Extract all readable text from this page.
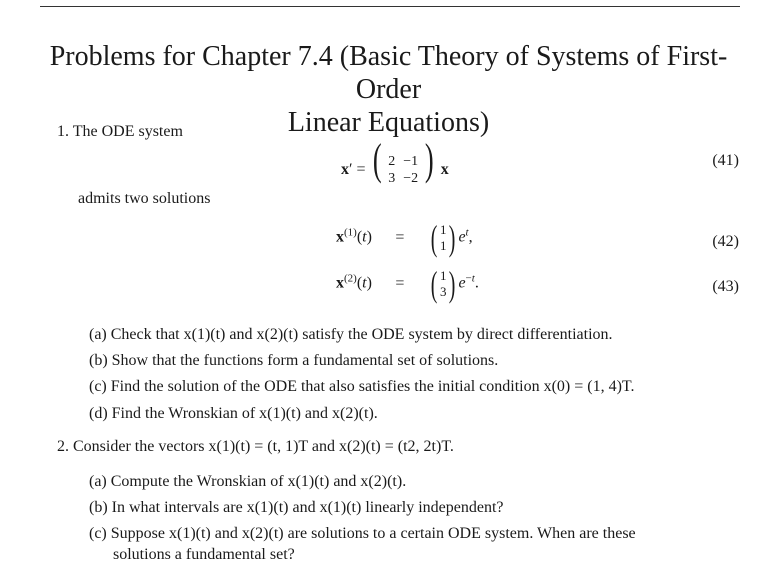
Problems for Chapter 7.4 (Basic Theory of Systems of First-Order
Linear Equations)
1. The ODE system
x′ = ( 2	−1
3	−2 ) x
(41)
admits two solutions
$x^{(1)}(t)$ = ( 1
1 ) $e^t$,	(42)
$x^{(2)}(t)$ = ( 1
3 ) $e^{-t}$.	(43)
(a) Check that x(1)(t) and x(2)(t) satisfy the ODE system by direct differentiation.
(b) Show that the functions form a fundamental set of solutions.
(c) Find the solution of the ODE that also satisfies the initial condition x(0) = (1, 4)T.
(d) Find the Wronskian of x(1)(t) and x(2)(t).
2. Consider the vectors x(1)(t) = (t, 1)T and x(2)(t) = (t2, 2t)T.
(a) Compute the Wronskian of x(1)(t) and x(2)(t).
(b) In what intervals are x(1)(t) and x(1)(t) linearly independent?
(c) Suppose x(1)(t) and x(2)(t) are solutions to a certain ODE system. When are these
solutions a fundamental set?
